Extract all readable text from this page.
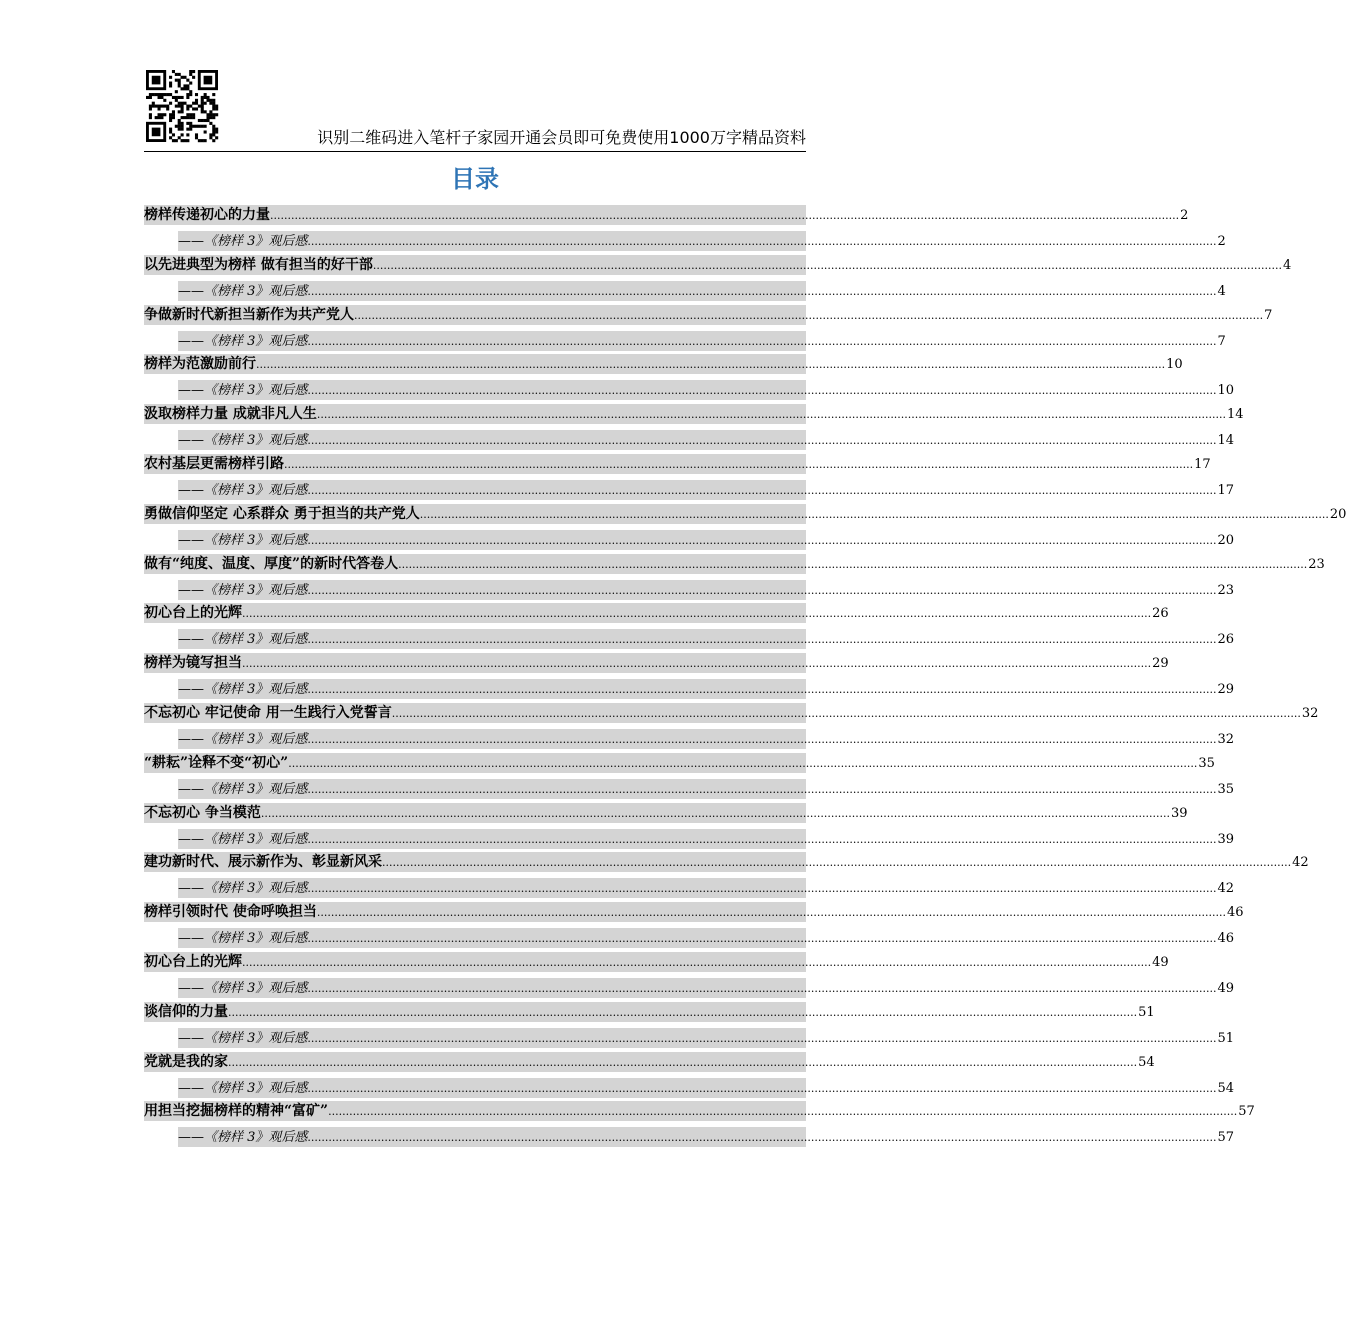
识别二维码进入笔杆子家园开通会员即可免费使用1000万字精品资料
目录
榜样传递初心的力量 .................................................................................................................................................................................................................................................................... 2
——《榜样 3》观后感 .................................................................................................................................................................................................................................................................... 2
以先进典型为榜样 做有担当的好干部 .................................................................................................................................................................................................................................................................... 4
——《榜样 3》观后感 .................................................................................................................................................................................................................................................................... 4
争做新时代新担当新作为共产党人 .................................................................................................................................................................................................................................................................... 7
——《榜样 3》观后感 .................................................................................................................................................................................................................................................................... 7
榜样为范激励前行 .................................................................................................................................................................................................................................................................... 10
——《榜样 3》观后感 .................................................................................................................................................................................................................................................................... 10
汲取榜样力量 成就非凡人生 .................................................................................................................................................................................................................................................................... 14
——《榜样 3》观后感 .................................................................................................................................................................................................................................................................... 14
农村基层更需榜样引路 .................................................................................................................................................................................................................................................................... 17
——《榜样 3》观后感 .................................................................................................................................................................................................................................................................... 17
勇做信仰坚定 心系群众 勇于担当的共产党人 .................................................................................................................................................................................................................................................................... 20
——《榜样 3》观后感 .................................................................................................................................................................................................................................................................... 20
做有“纯度、温度、厚度”的新时代答卷人 .................................................................................................................................................................................................................................................................... 23
——《榜样 3》观后感 .................................................................................................................................................................................................................................................................... 23
初心台上的光辉 .................................................................................................................................................................................................................................................................... 26
——《榜样 3》观后感 .................................................................................................................................................................................................................................................................... 26
榜样为镜写担当 .................................................................................................................................................................................................................................................................... 29
——《榜样 3》观后感 .................................................................................................................................................................................................................................................................... 29
不忘初心 牢记使命 用一生践行入党誓言 .................................................................................................................................................................................................................................................................... 32
——《榜样 3》观后感 .................................................................................................................................................................................................................................................................... 32
“耕耘”诠释不变“初心” .................................................................................................................................................................................................................................................................... 35
——《榜样 3》观后感 .................................................................................................................................................................................................................................................................... 35
不忘初心 争当模范 .................................................................................................................................................................................................................................................................... 39
——《榜样 3》观后感 .................................................................................................................................................................................................................................................................... 39
建功新时代、展示新作为、彰显新风采 .................................................................................................................................................................................................................................................................... 42
——《榜样 3》观后感 .................................................................................................................................................................................................................................................................... 42
榜样引领时代 使命呼唤担当 .................................................................................................................................................................................................................................................................... 46
——《榜样 3》观后感 .................................................................................................................................................................................................................................................................... 46
初心台上的光辉 .................................................................................................................................................................................................................................................................... 49
——《榜样 3》观后感 .................................................................................................................................................................................................................................................................... 49
谈信仰的力量 .................................................................................................................................................................................................................................................................... 51
——《榜样 3》观后感 .................................................................................................................................................................................................................................................................... 51
党就是我的家 .................................................................................................................................................................................................................................................................... 54
——《榜样 3》观后感 .................................................................................................................................................................................................................................................................... 54
用担当挖掘榜样的精神“富矿” .................................................................................................................................................................................................................................................................... 57
——《榜样 3》观后感 .................................................................................................................................................................................................................................................................... 57
